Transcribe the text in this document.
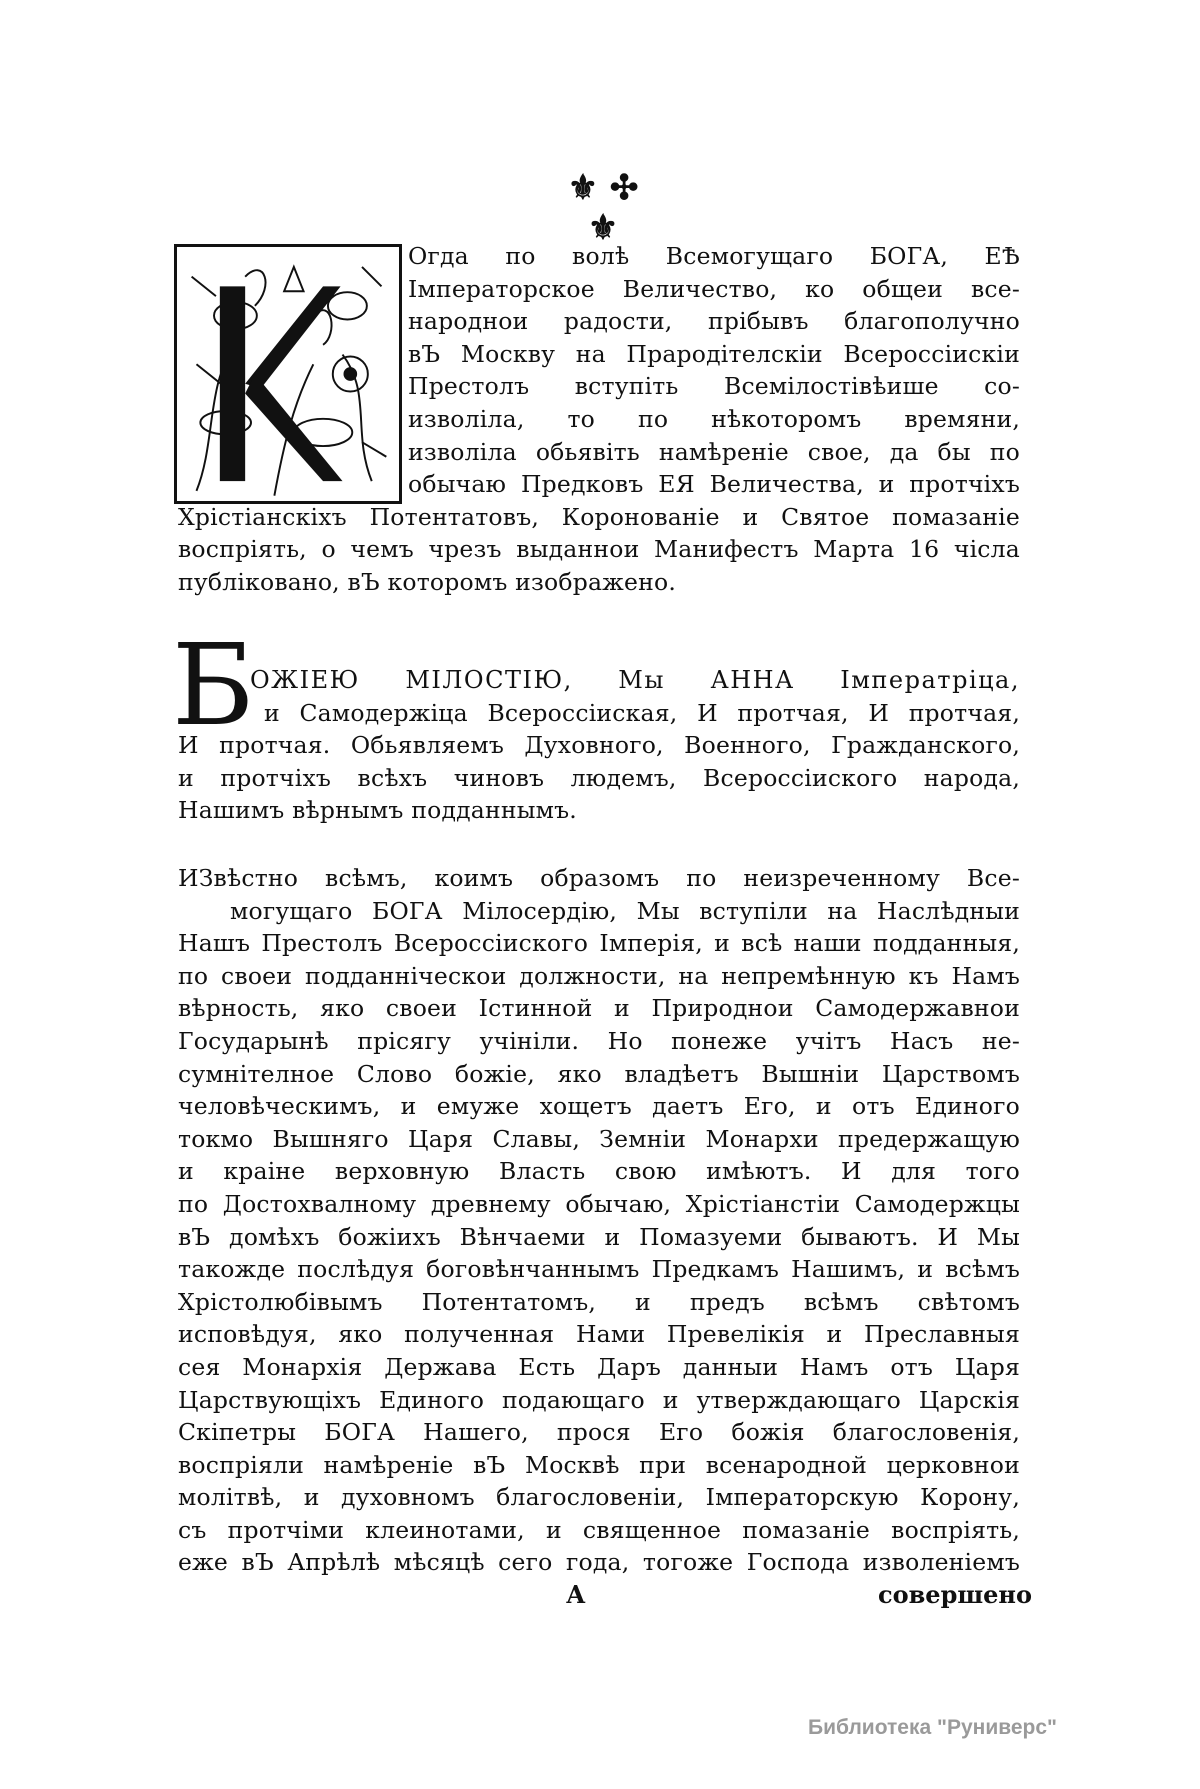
⚜ ✣ ⚜
Огда по волѣ Всемогущаго БОГА, ЕѢ
Імператорское Величество, ко общеи все-
народнои радости, прібывъ благополучно
вЪ Москву на Прародітелскіи Всероссіискіи
Престолъ вступіть Всемілостівѣише со-
изволіла, то по нѣкоторомъ времяни,
изволіла обьявіть намѣреніе свое, да бы по
обычаю Предковъ ЕЯ Величества, и протчіхъ
Хрістіанскіхъ Потентатовъ, Коронованіе и Святое помазаніе
воспріять, о чемъ чрезъ выданнои Манифестъ Марта 16 чісла
публіковано, вЪ которомъ изображено.
Б
ОЖІЕЮ МІЛОСТІЮ, Мы АННА Імператріца,
и Самодержіца Всероссіиская, И протчая, И протчая,
И протчая. Обьявляемъ Духовного, Военного, Гражданского,
и протчіхъ всѣхъ чиновъ людемъ, Всероссіиского народа,
Нашимъ вѣрнымъ подданнымъ.
ИЗвѣстно всѣмъ, коимъ образомъ по неизреченному Все-
могущаго БОГА Мілосердію, Мы вступіли на Наслѣдныи
Нашъ Престолъ Всероссіиского Імперія, и всѣ наши подданныя,
по своеи подданніческои должности, на непремѣнную къ Намъ
вѣрность, яко своеи Істинной и Природнои Самодержавнои
Государынѣ прісягу учініли. Но понеже учітъ Насъ не-
сумнітелное Слово божіе, яко владѣетъ Вышніи Царствомъ
человѣческимъ, и емуже хощетъ даетъ Его, и отъ Единого
токмо Вышняго Царя Славы, Земніи Монархи предержащую
и краіне верховную Власть свою имѣютъ. И для того
по Достохвалному древнему обычаю, Хрістіанстіи Самодержцы
вЪ домѣхъ божіихъ Вѣнчаеми и Помазуеми бываютъ. И Мы
такожде послѣдуя боговѣнчаннымъ Предкамъ Нашимъ, и всѣмъ
Хрістолюбівымъ Потентатомъ, и предъ всѣмъ свѣтомъ
исповѣдуя, яко полученная Нами Превелікія и Преславныя
сея Монархія Держава Есть Даръ данныи Намъ отъ Царя
Царствующіхъ Единого подающаго и утверждающаго Царскія
Скіпетры БОГА Нашего, прося Его божія благословенія,
воспріяли намѣреніе вЪ Москвѣ при всенародной церковнои
молітвѣ, и духовномъ благословеніи, Імператорскую Корону,
съ протчіми клеинотами, и священное помазаніе воспріять,
еже вЪ Апрѣлѣ мѣсяцѣ сего года, тогоже Господа изволеніемъ
А	совершено
Библиотека "Руниверс"
